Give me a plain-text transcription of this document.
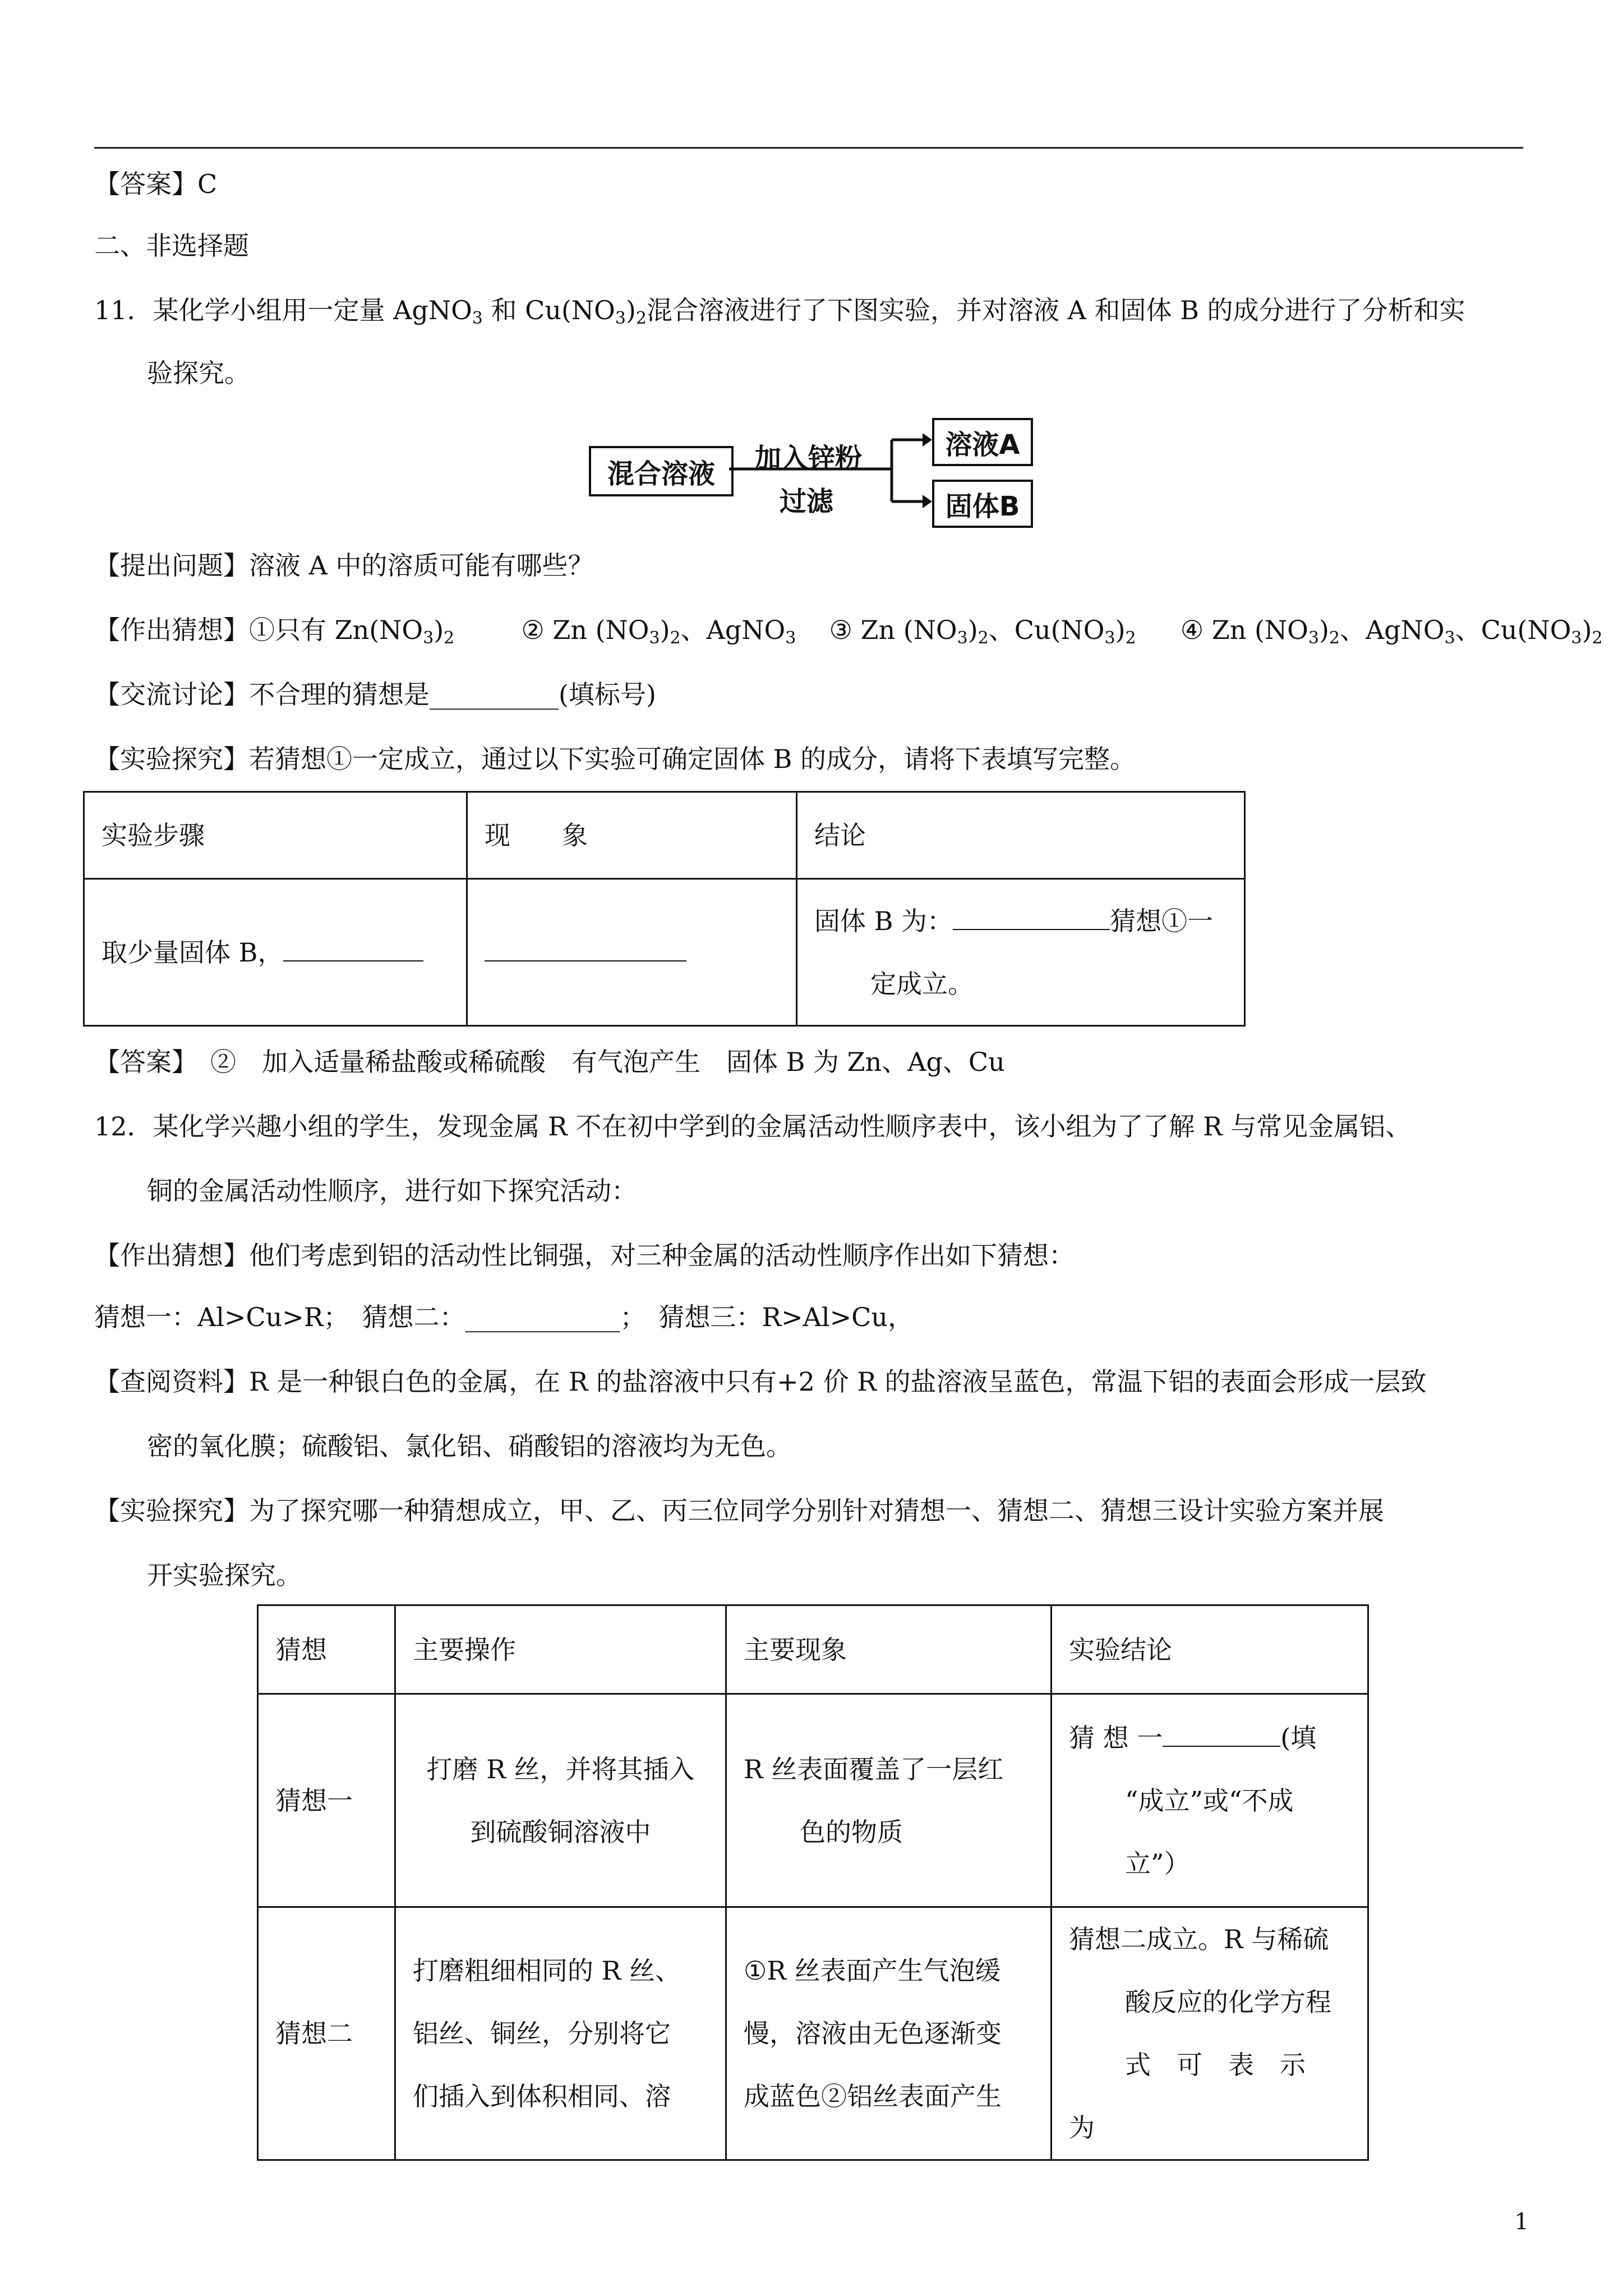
【答案】C
二、非选择题
11．某化学小组用一定量 AgNO$_3$ 和 $Cu(NO_3)_2$混合溶液进行了下图实验，并对溶液 A 和固体 B 的成分进行了分析和实
验探究。
混合溶液	加入锌粉
过滤
溶液A
固体B
【提出问题】溶液 A 中的溶质可能有哪些？
【作出猜想】①只有 $Zn(NO_3)_2$	② Zn $(NO_3)_2$、AgNO$_3$ ③ Zn $(NO_3)_2$、$Cu(NO_3)_2$ ④ Zn $(NO_3)_2$、AgNO$_3$、$Cu(NO_3)_2$
【交流讨论】不合理的猜想是__________(填标号)
【实验探究】若猜想①一定成立，通过以下实验可确定固体 B 的成分，请将下表填写完整。
实验步骤	现　　象	结论
取少量固体 B，		固体 B 为： 猜想①一
定成立。
【答案】　②　加入适量稀盐酸或稀硫酸　有气泡产生　固体 B 为 Zn、Ag、Cu
12．某化学兴趣小组的学生，发现金属 R 不在初中学到的金属活动性顺序表中，该小组为了了解 R 与常见金属铝、
铜的金属活动性顺序，进行如下探究活动：
【作出猜想】他们考虑到铝的活动性比铜强，对三种金属的活动性顺序作出如下猜想：
猜想一：Al>Cu>R；　猜想二：____________；　猜想三：R>Al>Cu，
【查阅资料】R 是一种银白色的金属，在 R 的盐溶液中只有+2 价 R 的盐溶液呈蓝色，常温下铝的表面会形成一层致
密的氧化膜；硫酸铝、氯化铝、硝酸铝的溶液均为无色。
【实验探究】为了探究哪一种猜想成立，甲、乙、丙三位同学分别针对猜想一、猜想二、猜想三设计实验方案并展
开实验探究。
猜想	主要操作	主要现象	实验结论
猜想一	打磨 R 丝，并将其插入
到硫酸铜溶液中	R 丝表面覆盖了一层红
色的物质	猜 想 一 (填
“成立”或“不成
立”）
猜想二	打磨粗细相同的 R 丝、
铝丝、铜丝，分别将它
们插入到体积相同、溶	①R 丝表面产生气泡缓
慢，溶液由无色逐渐变
成蓝色②铝丝表面产生	猜想二成立。R 与稀硫
酸反应的化学方程
式　可　表　示　为
1
